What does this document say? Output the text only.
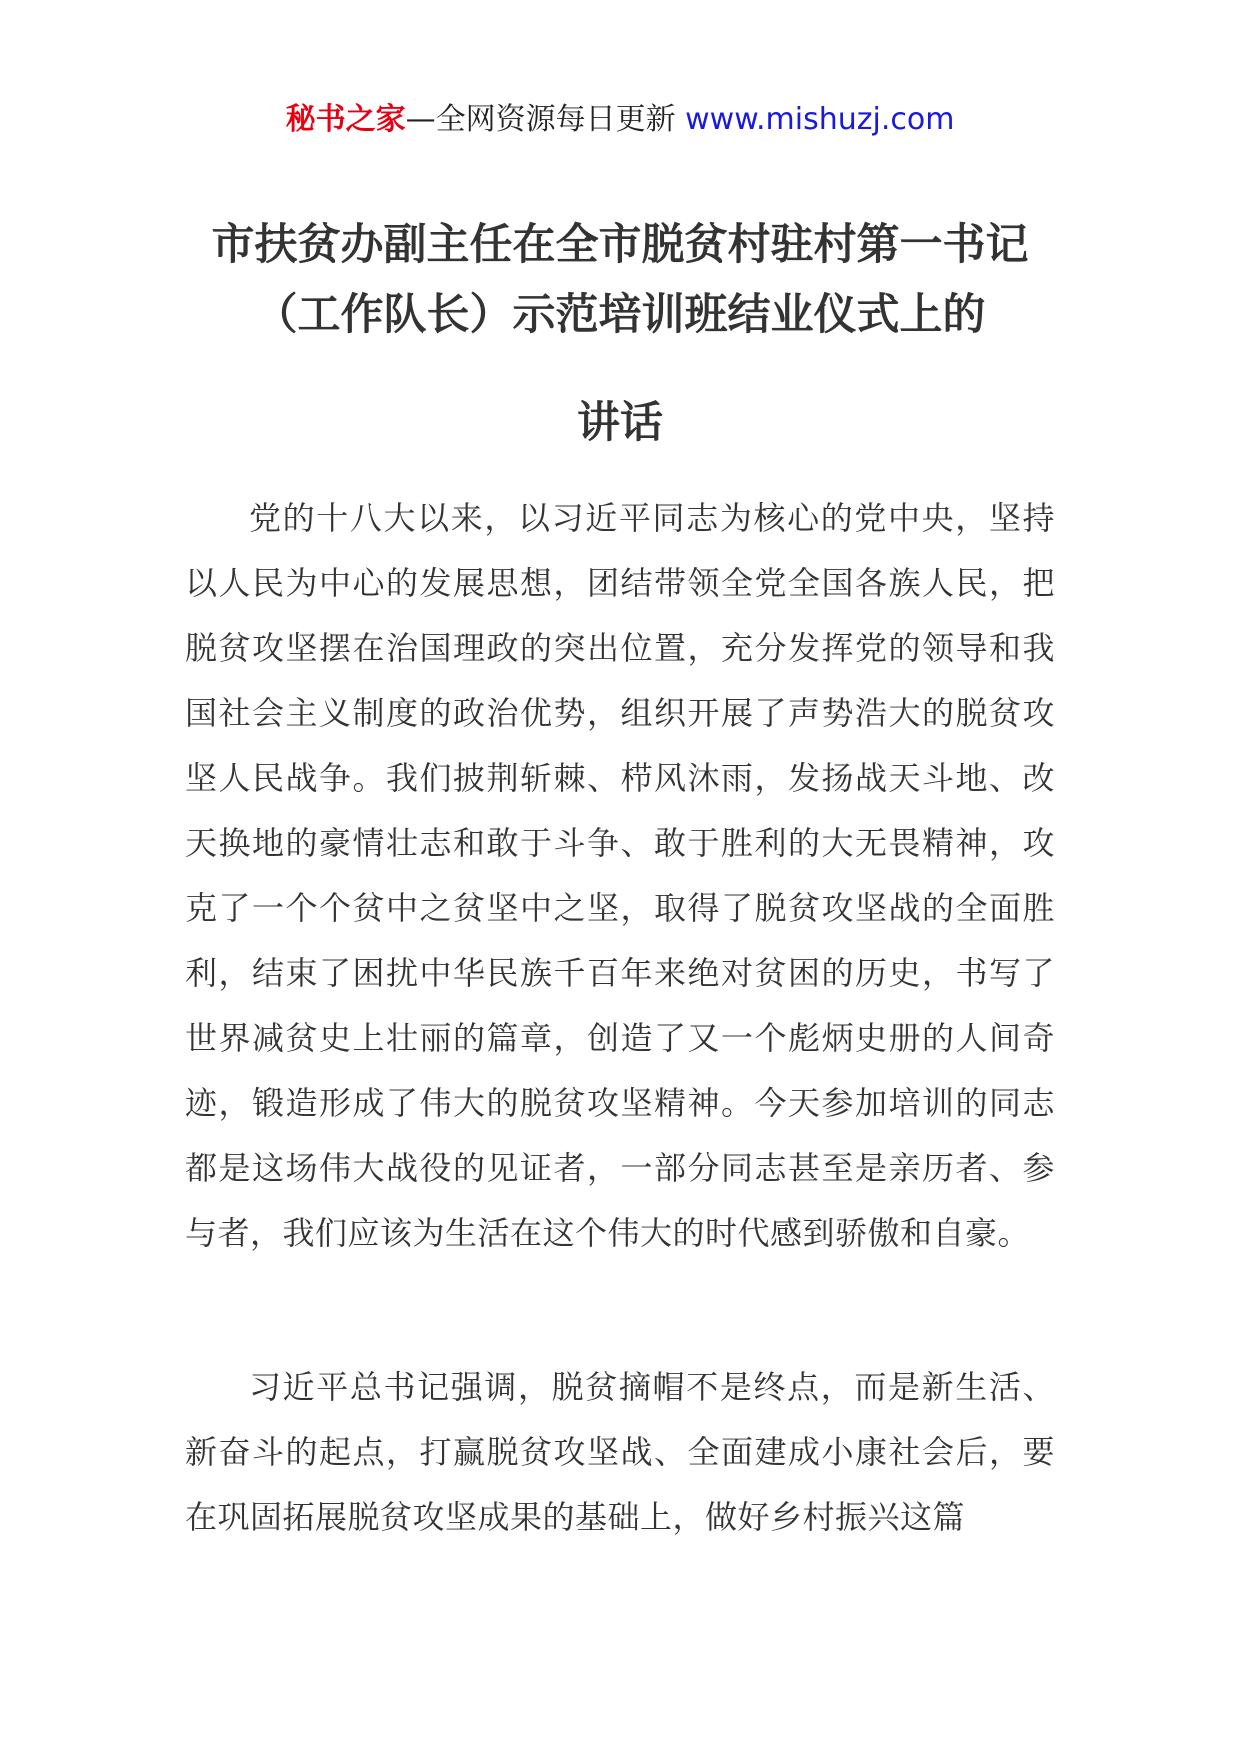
秘书之家—全网资源每日更新 www.mishuzj.com
市扶贫办副主任在全市脱贫村驻村第一书记（工作队长）示范培训班结业仪式上的
讲话

党的十八大以来，以习近平同志为核心的党中央，坚持以人民为中心的发展思想，团结带领全党全国各族人民，把脱贫攻坚摆在治国理政的突出位置，充分发挥党的领导和我国社会主义制度的政治优势，组织开展了声势浩大的脱贫攻坚人民战争。我们披荆斩棘、栉风沐雨，发扬战天斗地、改天换地的豪情壮志和敢于斗争、敢于胜利的大无畏精神，攻克了一个个贫中之贫坚中之坚，取得了脱贫攻坚战的全面胜利，结束了困扰中华民族千百年来绝对贫困的历史，书写了世界减贫史上壮丽的篇章，创造了又一个彪炳史册的人间奇迹，锻造形成了伟大的脱贫攻坚精神。今天参加培训的同志都是这场伟大战役的见证者，一部分同志甚至是亲历者、参与者，我们应该为生活在这个伟大的时代感到骄傲和自豪。

习近平总书记强调，脱贫摘帽不是终点，而是新生活、新奋斗的起点，打赢脱贫攻坚战、全面建成小康社会后，要在巩固拓展脱贫攻坚成果的基础上，做好乡村振兴这篇
